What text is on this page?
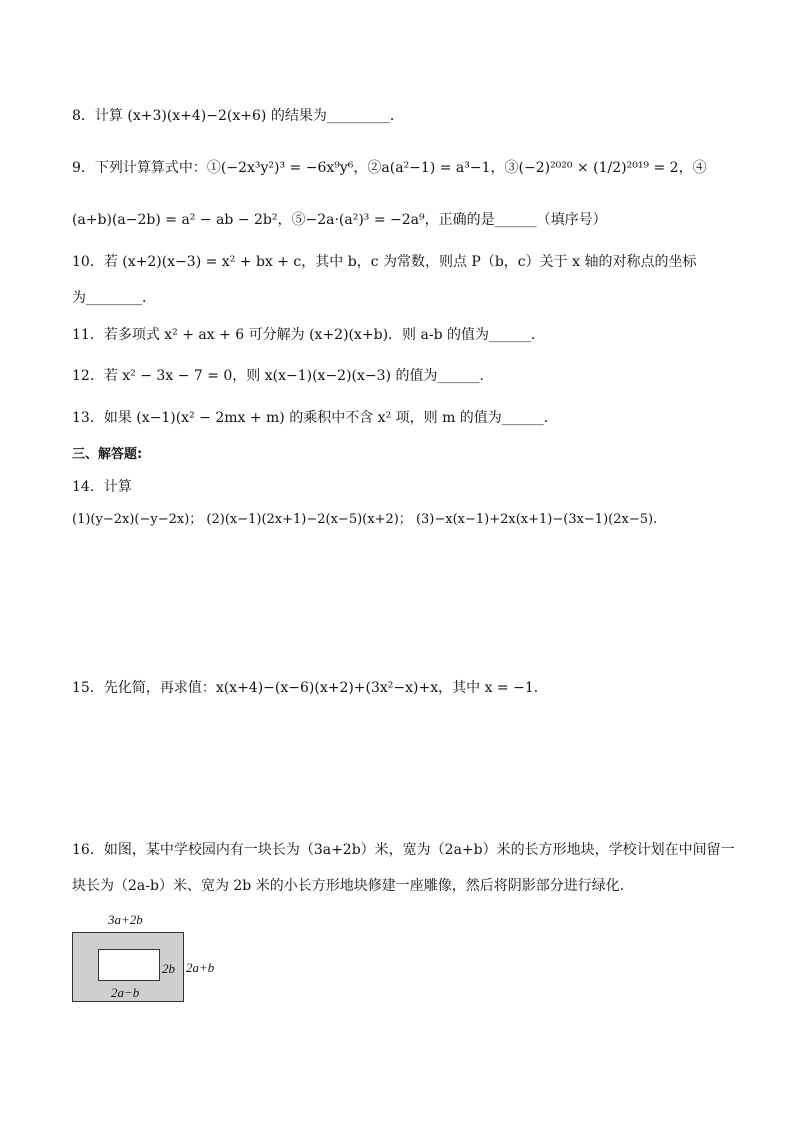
8．计算 (x+3)(x+4)−2(x+6) 的结果为_________．
9．下列计算算式中：①(−2x³y²)³ = −6x⁹y⁶，②a(a²−1) = a³−1，③(−2)²⁰²⁰ × (1/2)²⁰¹⁹ = 2，④
(a+b)(a−2b) = a² − ab − 2b²，⑤−2a·(a²)³ = −2a⁹，正确的是______（填序号）
10．若 (x+2)(x−3) = x² + bx + c，其中 b，c 为常数，则点 P（b，c）关于 x 轴的对称点的坐标
为________．
11．若多项式 x² + ax + 6 可分解为 (x+2)(x+b)．则 a-b 的值为______．
12．若 x² − 3x − 7 = 0，则 x(x−1)(x−2)(x−3) 的值为______.
13．如果 (x−1)(x² − 2mx + m) 的乘积中不含 x² 项，则 m 的值为______.
三、解答题:
14．计算
(1)(y−2x)(−y−2x)； (2)(x−1)(2x+1)−2(x−5)(x+2)； (3)−x(x−1)+2x(x+1)−(3x−1)(2x−5).
15．先化简，再求值：x(x+4)−(x−6)(x+2)+(3x²−x)+x，其中 x = −1．
16．如图，某中学校园内有一块长为（3a+2b）米，宽为（2a+b）米的长方形地块，学校计划在中间留一
块长为（2a-b）米、宽为 2b 米的小长方形地块修建一座雕像，然后将阴影部分进行绿化．
3a+2b
2b
2a−b
2a+b
